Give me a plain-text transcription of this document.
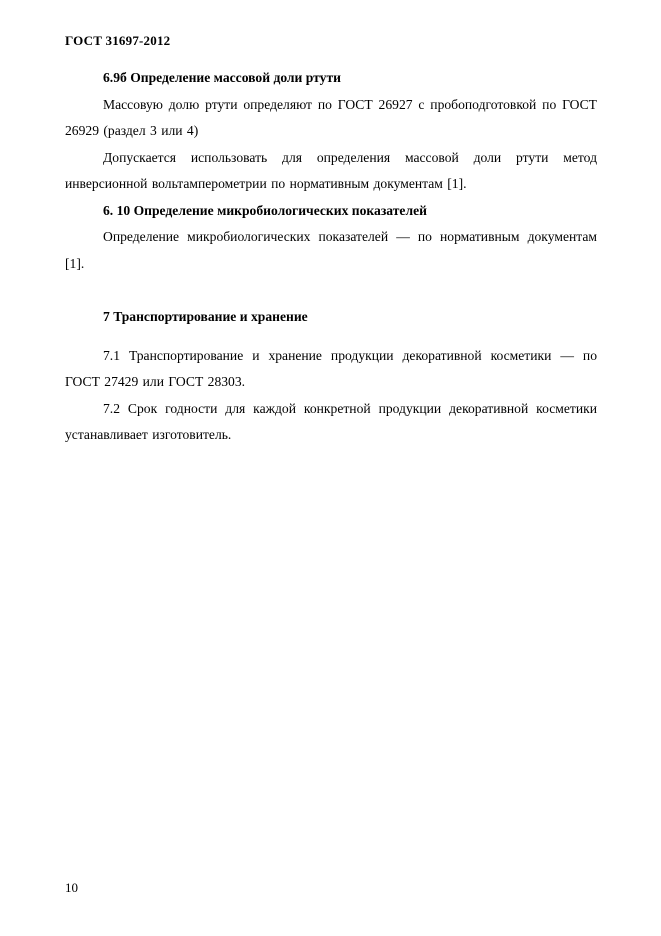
ГОСТ 31697-2012

6.9б Определение массовой доли ртути

Массовую долю ртути определяют по ГОСТ 26927 с пробоподготовкой по ГОСТ 26929 (раздел 3 или 4)

Допускается использовать для определения массовой доли ртути метод инверсионной вольтамперометрии по нормативным документам [1].

6. 10 Определение микробиологических показателей

Определение микробиологических показателей — по нормативным документам [1].

7 Транспортирование и хранение

7.1 Транспортирование и хранение продукции декоративной косметики — по ГОСТ 27429 или ГОСТ 28303.

7.2 Срок годности для каждой конкретной продукции декоративной косметики устанавливает изготовитель.

10
